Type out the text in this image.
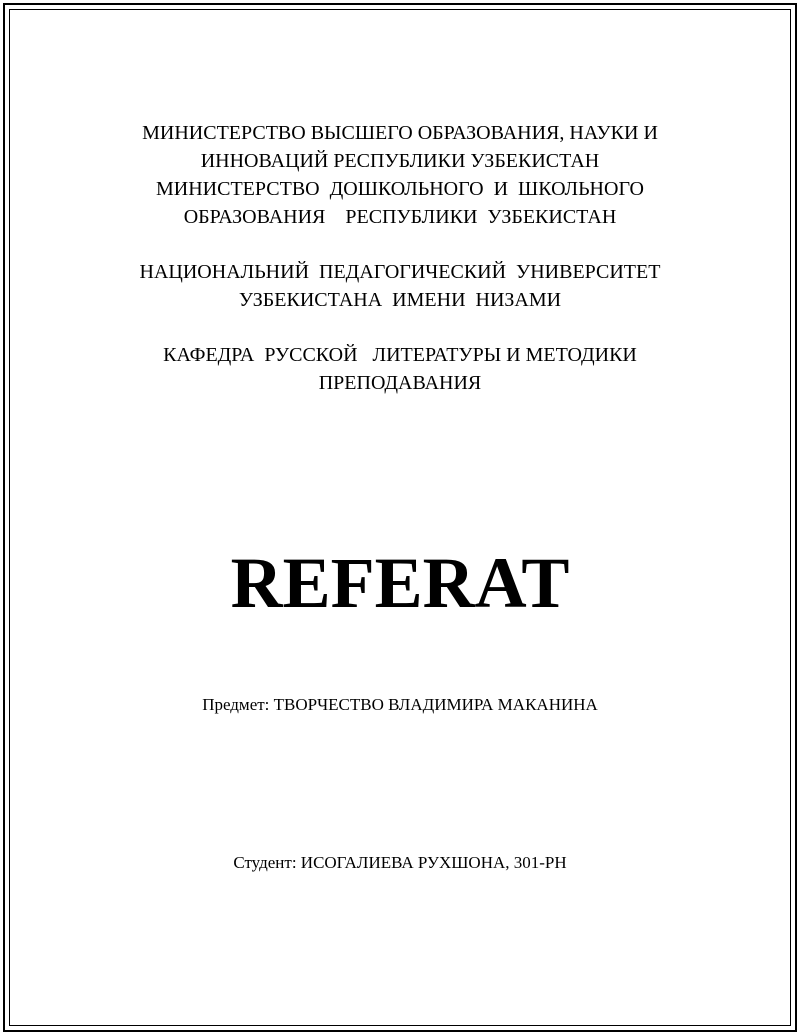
МИНИСТЕРСТВО ВЫСШЕГО ОБРАЗОВАНИЯ, НАУКИ И
ИННОВАЦИЙ РЕСПУБЛИКИ УЗБЕКИСТАН
МИНИСТЕРСТВО  ДОШКОЛЬНОГО  И  ШКОЛЬНОГО
ОБРАЗОВАНИЯ    РЕСПУБЛИКИ  УЗБЕКИСТАН
НАЦИОНАЛЬНИЙ  ПЕДАГОГИЧЕСКИЙ  УНИВЕРСИТЕТ
УЗБЕКИСТАНА  ИМЕНИ  НИЗАМИ
КАФЕДРА  РУССКОЙ   ЛИТЕРАТУРЫ И МЕТОДИКИ
ПРЕПОДАВАНИЯ
REFERAT
Предмет: ТВОРЧЕСТВО ВЛАДИМИРА МАКАНИНА
Студент: ИСОГАЛИЕВА РУХШОНА, 301-РН
